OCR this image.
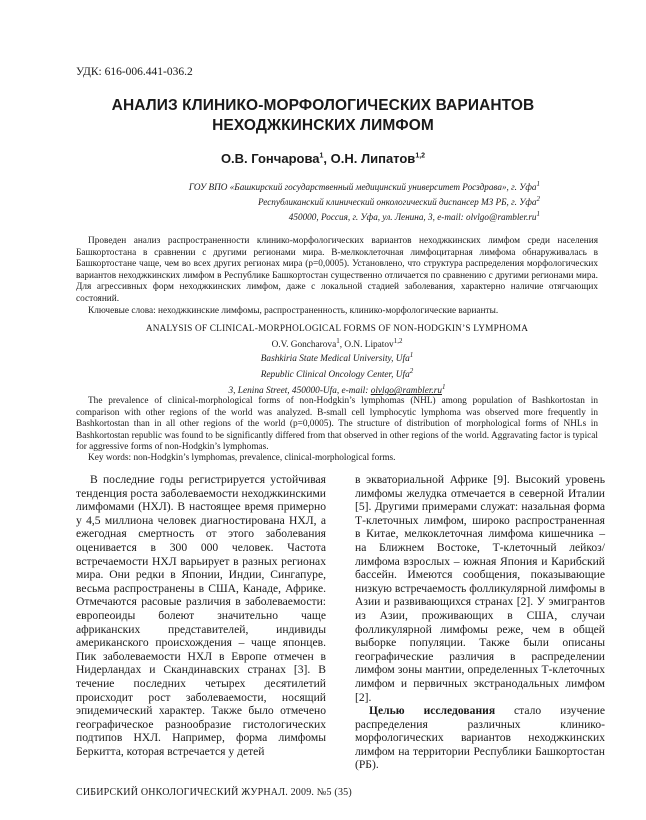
УДК: 616-006.441-036.2
АНАЛИЗ КЛИНИКО-МОРФОЛОГИЧЕСКИХ ВАРИАНТОВ
НЕХОДЖКИНСКИХ ЛИМФОМ
О.В. Гончарова$^1$, О.Н. Липатов$^{1,2}$
ГОУ ВПО «Башкирский государственный медицинский университет Росздрава», г. Уфа$^1$
Республиканский клинический онкологический диспансер МЗ РБ, г. Уфа$^2$
450000, Россия, г. Уфа, ул. Ленина, 3, e-mail: $olvlgo@rambler.ru^1$

Проведен анализ распространенности клинико-морфологических вариантов неходжкинских лимфом среди населения Башкортостана в сравнении с другими регионами мира. В-мелкоклеточная лимфоцитарная лимфома обнаруживалась в Башкортостане чаще, чем во всех других регионах мира (р=0,0005). Установлено, что структура распределения морфологических вариантов неходжкинских лимфом в Республике Башкортостан существенно отличается по сравнению с другими регионами мира. Для агрессивных форм неходжкинских лимфом, даже с локальной стадией заболевания, характерно наличие отягчающих состояний.

Ключевые слова: неходжкинские лимфомы, распространенность, клинико-морфологические варианты.
ANALYSIS OF CLINICAL-MORPHOLOGICAL FORMS OF NON-HODGKIN’S LYMPHOMA
O.V. Goncharova$^1$, O.N. Lipatov$^{1,2}$
Bashkiria State Medical University, Ufa$^1$
Republic Clinical Oncology Center, Ufa$^2$
3, Lenina Street, 450000-Ufa, e-mail: $olvlgo@rambler.ru^1$

The prevalence of clinical-morphological forms of non-Hodgkin’s lymphomas (NHL) among population of Bashkortostan in comparison with other regions of the world was analyzed. B-small cell lymphocytic lymphoma was observed more frequently in Bashkortostan than in all other regions of the world (p=0,0005). The structure of distribution of morphological forms of NHLs in Bashkortostan republic was found to be significantly differed from that observed in other regions of the world. Aggravating factor is typical for aggressive forms of non-Hodgkin’s lymphomas.

Key words: non-Hodgkin’s lymphomas, prevalence, clinical-morphological forms.

В последние годы регистрируется устойчивая тенденция роста заболеваемости неходжкинскими лимфомами (НХЛ). В настоящее время примерно у 4,5 миллиона человек диагностирована НХЛ, а ежегодная смертность от этого заболевания оценивается в 300 000 человек. Частота встречаемости НХЛ варьирует в разных регионах мира. Они редки в Японии, Индии, Сингапуре, весьма распространены в США, Канаде, Африке. Отмечаются расовые различия в заболеваемости: европеоиды болеют значительно чаще африканских представителей, индивиды американского происхождения – чаще японцев. Пик заболеваемости НХЛ в Европе отмечен в Нидерландах и Скандинавских странах [3]. В течение последних четырех десятилетий происходит рост заболеваемости, носящий эпидемический характер. Также было отмечено географическое разнообразие гистологических подтипов НХЛ. Например, форма лимфомы Беркитта, которая встречается у детей

в экваториальной Африке [9]. Высокий уровень лимфомы желудка отмечается в северной Италии [5]. Другими примерами служат: назальная форма Т-клеточных лимфом, широко распространенная в Китае, мелкоклеточная лимфома кишечника – на Ближнем Востоке, Т-клеточный лейкоз/лимфома взрослых – южная Япония и Карибский бассейн. Имеются сообщения, показывающие низкую встречаемость фолликулярной лимфомы в Азии и развивающихся странах [2]. У эмигрантов из Азии, проживающих в США, случаи фолликулярной лимфомы реже, чем в общей выборке популяции. Также были описаны географические различия в распределении лимфом зоны мантии, определенных Т-клеточных лимфом и первичных экстранодальных лимфом [2].

Целью исследования стало изучение распределения различных клинико-морфологических вариантов неходжкинских лимфом на территории Республики Башкортостан (РБ).

СИБИРСКИЙ ОНКОЛОГИЧЕСКИЙ ЖУРНАЛ. 2009. №5 (35)
